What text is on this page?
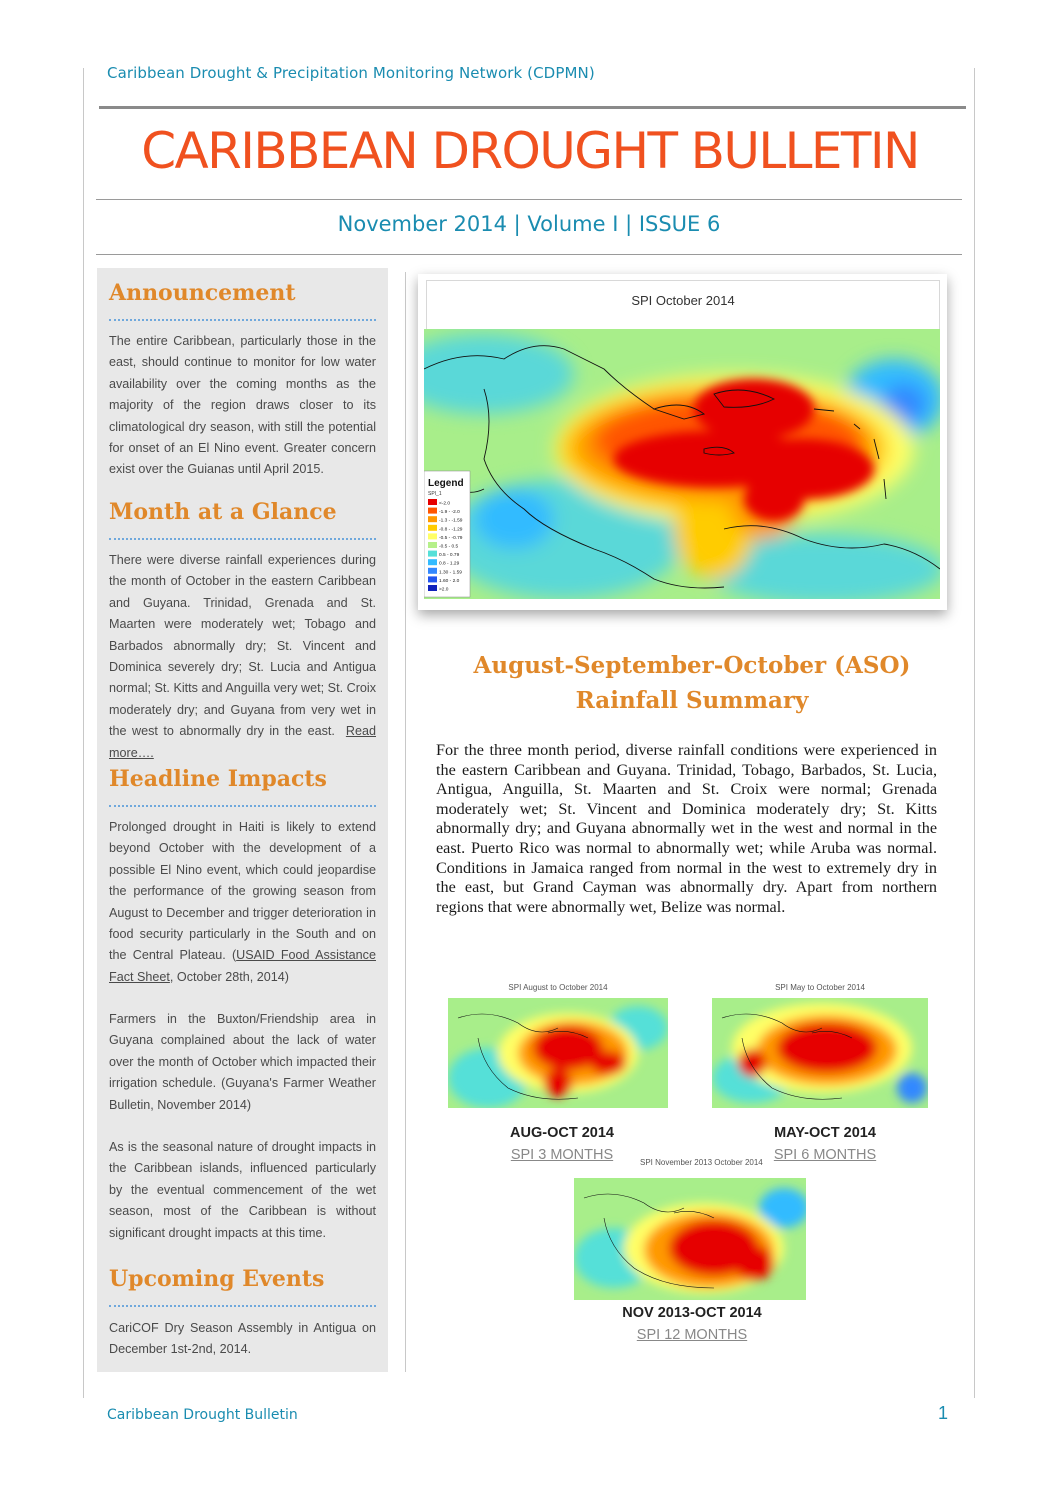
Caribbean Drought & Precipitation Monitoring Network (CDPMN)
CARIBBEAN DROUGHT BULLETIN
November 2014 | Volume I | ISSUE 6
Announcement

The entire Caribbean, particularly those in the east, should continue to monitor for low water availability over the coming months as the majority of the region draws closer to its climatological dry season, with still the potential for onset of an El Nino event. Greater concern exist over the Guianas until April 2015.

Month at a Glance

There were diverse rainfall experiences during the month of October in the eastern Caribbean and Guyana. Trinidad, Grenada and St. Maarten were moderately wet; Tobago and Barbados abnormally dry; St. Vincent and Dominica severely dry; St. Lucia and Antigua normal; St. Kitts and Anguilla very wet; St. Croix moderately dry; and Guyana from very wet in the west to abnormally dry in the east. Read more….

Headline Impacts

Prolonged drought in Haiti is likely to extend beyond October with the development of a possible El Nino event, which could jeopardise the performance of the growing season from August to December and trigger deterioration in food security particularly in the South and on the Central Plateau. (USAID Food Assistance Fact Sheet, October 28th, 2014)

Farmers in the Buxton/Friendship area in Guyana complained about the lack of water over the month of October which impacted their irrigation schedule. (Guyana's Farmer Weather Bulletin, November 2014)

As is the seasonal nature of drought impacts in the Caribbean islands, influenced particularly by the eventual commencement of the wet season, most of the Caribbean is without significant drought impacts at this time.

Upcoming Events

CariCOF Dry Season Assembly in Antigua on December 1st-2nd, 2014.

SPI October 2014
Legend
SPI_1
<-2.0
-1.9 - -2.0
-1.3 - -1.59
-0.8 - -1.29
-0.5 - -0.79
-0.5 - 0.5
0.5 - 0.79
0.8 - 1.29
1.30 - 1.59
1.60 - 2.0
>2.0
August-September-October (ASO) Rainfall Summary

For the three month period, diverse rainfall conditions were experienced in the eastern Caribbean and Guyana. Trinidad, Tobago, Barbados, St. Lucia, Antigua, Anguilla, St. Maarten and St. Croix were normal; Grenada moderately wet; St. Vincent and Dominica moderately dry; St. Kitts abnormally dry; and Guyana abnormally wet in the west and normal in the east. Puerto Rico was normal to abnormally wet; while Aruba was normal. Conditions in Jamaica ranged from normal in the west to extremely dry in the east, but Grand Cayman was abnormally dry. Apart from northern regions that were abnormally wet, Belize was normal.

SPI August to October 2014
AUG-OCT 2014
SPI 3 MONTHS
SPI May to October 2014
MAY-OCT 2014
SPI 6 MONTHS
SPI November 2013 October 2014
NOV 2013-OCT 2014
SPI 12 MONTHS
Caribbean Drought Bulletin	1
